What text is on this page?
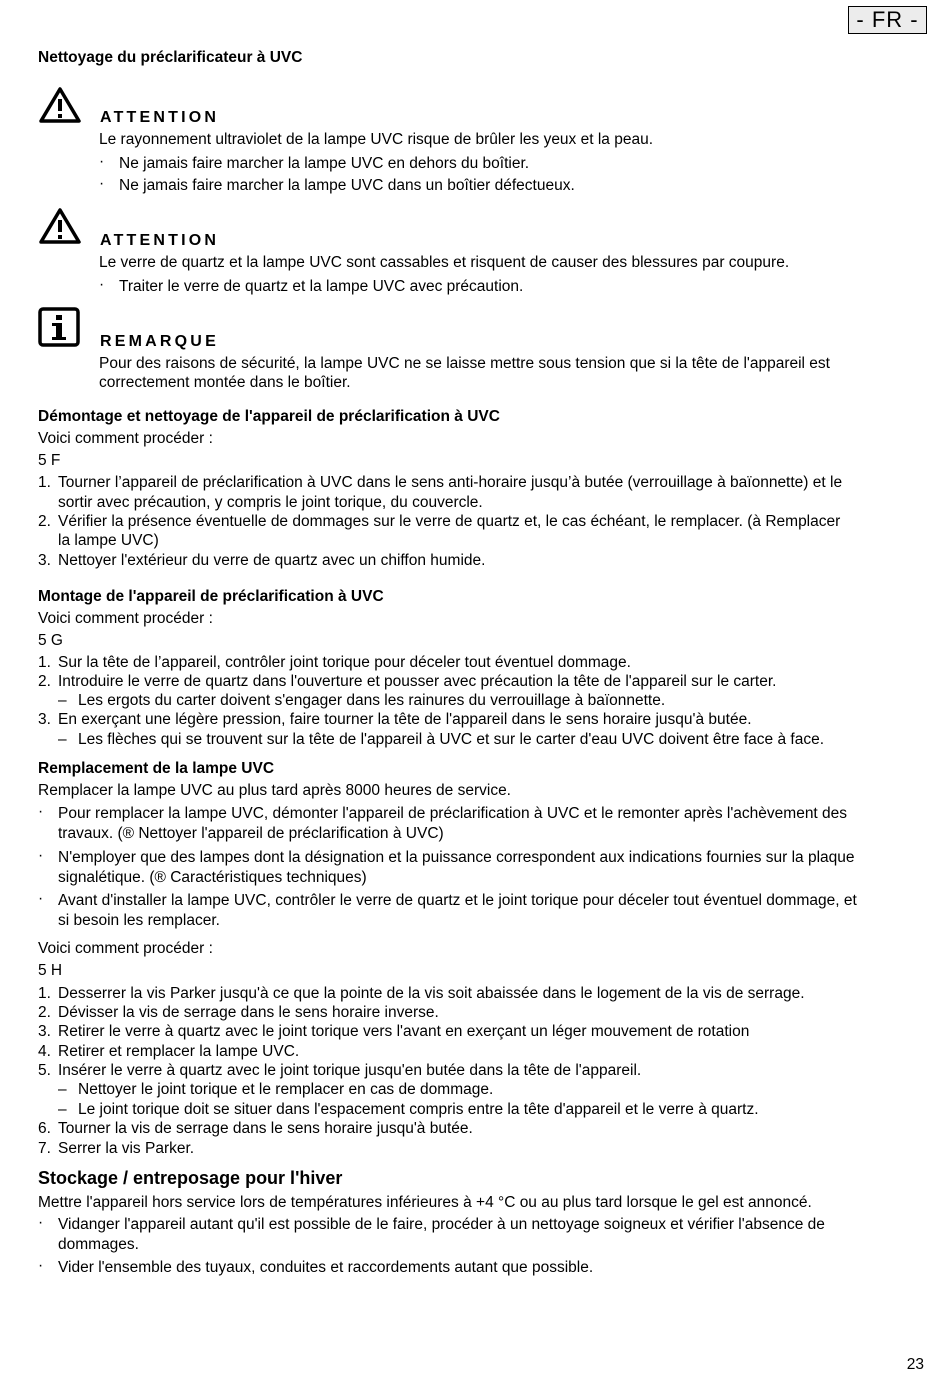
- FR -
Nettoyage du préclarificateur à UVC
ATTENTION
Le rayonnement ultraviolet de la lampe UVC risque de brûler les yeux et la peau.
· Ne jamais faire marcher la lampe UVC en dehors du boîtier.
· Ne jamais faire marcher la lampe UVC dans un boîtier défectueux.
ATTENTION
Le verre de quartz et la lampe UVC sont cassables et risquent de causer des blessures par coupure.
· Traiter le verre de quartz et la lampe UVC avec précaution.
REMARQUE
Pour des raisons de sécurité, la lampe UVC ne se laisse mettre sous tension que si la tête de l'appareil est
correctement montée dans le boîtier.
Démontage et nettoyage de l'appareil de préclarification à UVC
Voici comment procéder :
5 F
1. Tourner l’appareil de préclarification à UVC dans le sens anti-horaire jusqu’à butée (verrouillage à baïonnette) et le
sortir avec précaution, y compris le joint torique, du couvercle.
2. Vérifier la présence éventuelle de dommages sur le verre de quartz et, le cas échéant, le remplacer. (à Remplacer
la lampe UVC)
3. Nettoyer l'extérieur du verre de quartz avec un chiffon humide.
Montage de l'appareil de préclarification à UVC
Voici comment procéder :
5 G
1. Sur la tête de l’appareil, contrôler joint torique pour déceler tout éventuel dommage.
2. Introduire le verre de quartz dans l'ouverture et pousser avec précaution la tête de l'appareil sur le carter.
– Les ergots du carter doivent s'engager dans les rainures du verrouillage à baïonnette.
3. En exerçant une légère pression, faire tourner la tête de l'appareil dans le sens horaire jusqu'à butée.
– Les flèches qui se trouvent sur la tête de l'appareil à UVC et sur le carter d'eau UVC doivent être face à face.
Remplacement de la lampe UVC
Remplacer la lampe UVC au plus tard après 8000 heures de service.
· Pour remplacer la lampe UVC, démonter l'appareil de préclarification à UVC et le remonter après l'achèvement des
travaux. (® Nettoyer l'appareil de préclarification à UVC)
· N'employer que des lampes dont la désignation et la puissance correspondent aux indications fournies sur la plaque
signalétique. (® Caractéristiques techniques)
· Avant d'installer la lampe UVC, contrôler le verre de quartz et le joint torique pour déceler tout éventuel dommage, et
si besoin les remplacer.
Voici comment procéder :
5 H
1. Desserrer la vis Parker jusqu'à ce que la pointe de la vis soit abaissée dans le logement de la vis de serrage.
2. Dévisser la vis de serrage dans le sens horaire inverse.
3. Retirer le verre à quartz avec le joint torique vers l'avant en exerçant un léger mouvement de rotation
4. Retirer et remplacer la lampe UVC.
5. Insérer le verre à quartz avec le joint torique jusqu'en butée dans la tête de l'appareil.
– Nettoyer le joint torique et le remplacer en cas de dommage.
– Le joint torique doit se situer dans l'espacement compris entre la tête d'appareil et le verre à quartz.
6. Tourner la vis de serrage dans le sens horaire jusqu'à butée.
7. Serrer la vis Parker.
Stockage / entreposage pour l'hiver
Mettre l'appareil hors service lors de températures inférieures à +4 °C ou au plus tard lorsque le gel est annoncé.
· Vidanger l'appareil autant qu'il est possible de le faire, procéder à un nettoyage soigneux et vérifier l'absence de
dommages.
· Vider l'ensemble des tuyaux, conduites et raccordements autant que possible.
23
